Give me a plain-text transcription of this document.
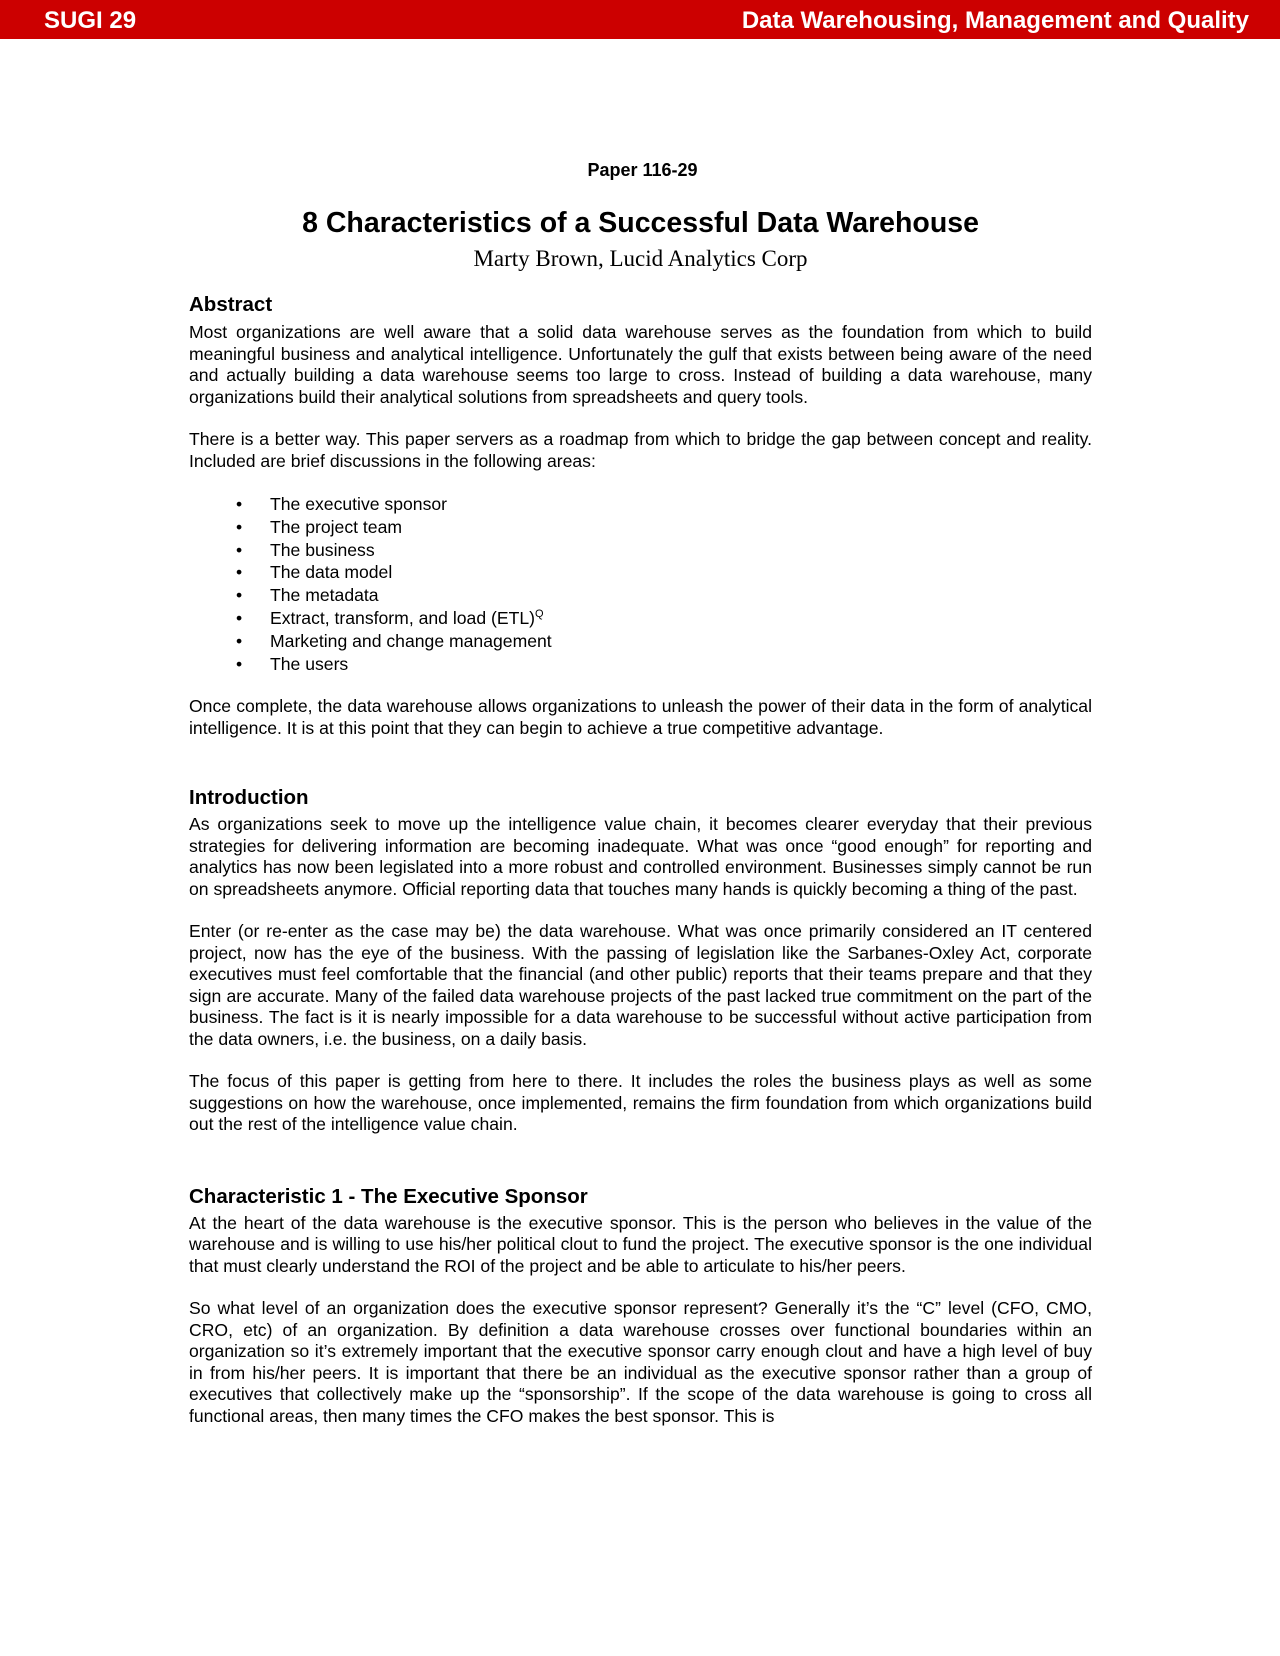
SUGI 29	Data Warehousing, Management and Quality
Paper 116-29
8 Characteristics of a Successful Data Warehouse
Marty Brown, Lucid Analytics Corp
Abstract

Most organizations are well aware that a solid data warehouse serves as the foundation from which to build meaningful business and analytical intelligence. Unfortunately the gulf that exists between being aware of the need and actually building a data warehouse seems too large to cross. Instead of building a data warehouse, many organizations build their analytical solutions from spreadsheets and query tools.

There is a better way. This paper servers as a roadmap from which to bridge the gap between concept and reality. Included are brief discussions in the following areas:

• The executive sponsor
• The project team
• The business
• The data model
• The metadata
• Extract, transform, and load (ETL)$^Q$
• Marketing and change management
• The users

Once complete, the data warehouse allows organizations to unleash the power of their data in the form of analytical intelligence. It is at this point that they can begin to achieve a true competitive advantage.

Introduction

As organizations seek to move up the intelligence value chain, it becomes clearer everyday that their previous strategies for delivering information are becoming inadequate. What was once “good enough” for reporting and analytics has now been legislated into a more robust and controlled environment. Businesses simply cannot be run on spreadsheets anymore. Official reporting data that touches many hands is quickly becoming a thing of the past.

Enter (or re-enter as the case may be) the data warehouse. What was once primarily considered an IT centered project, now has the eye of the business. With the passing of legislation like the Sarbanes-Oxley Act, corporate executives must feel comfortable that the financial (and other public) reports that their teams prepare and that they sign are accurate. Many of the failed data warehouse projects of the past lacked true commitment on the part of the business. The fact is it is nearly impossible for a data warehouse to be successful without active participation from the data owners, i.e. the business, on a daily basis.

The focus of this paper is getting from here to there. It includes the roles the business plays as well as some suggestions on how the warehouse, once implemented, remains the firm foundation from which organizations build out the rest of the intelligence value chain.

Characteristic 1 - The Executive Sponsor

At the heart of the data warehouse is the executive sponsor. This is the person who believes in the value of the warehouse and is willing to use his/her political clout to fund the project. The executive sponsor is the one individual that must clearly understand the ROI of the project and be able to articulate to his/her peers.

So what level of an organization does the executive sponsor represent? Generally it’s the “C” level (CFO, CMO, CRO, etc) of an organization. By definition a data warehouse crosses over functional boundaries within an organization so it’s extremely important that the executive sponsor carry enough clout and have a high level of buy in from his/her peers. It is important that there be an individual as the executive sponsor rather than a group of executives that collectively make up the “sponsorship”. If the scope of the data warehouse is going to cross all functional areas, then many times the CFO makes the best sponsor. This is
